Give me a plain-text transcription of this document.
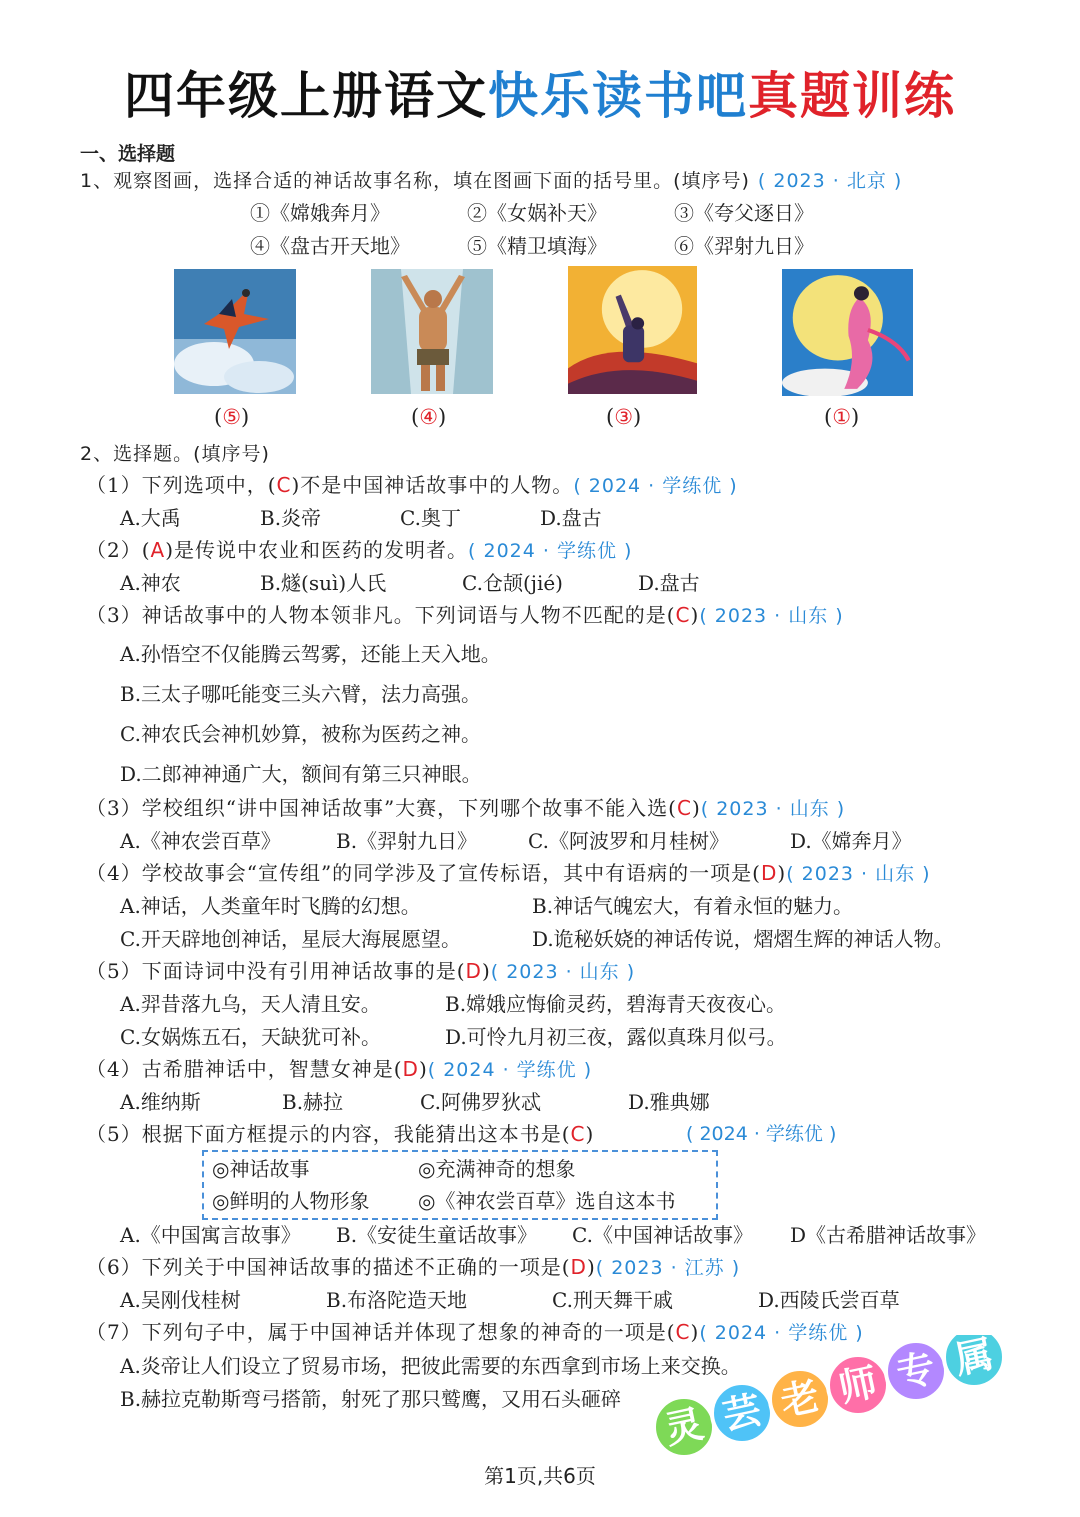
四年级上册语文快乐读书吧真题训练
一、选择题
1、观察图画，选择合适的神话故事名称，填在图画下面的括号里。(填序号) ( 2023 · 北京 )
①《嫦娥奔月》	②《女娲补天》	③《夸父逐日》
④《盘古开天地》	⑤《精卫填海》	⑥《羿射九日》
(⑤)	(④)	(③)	(①)
2、选择题。(填序号)
（1）下列选项中，(C)不是中国神话故事中的人物。( 2024 · 学练优 )
A.大禹	B.炎帝	C.奥丁	D.盘古
（2）(A)是传说中农业和医药的发明者。( 2024 · 学练优 )
A.神农	B.燧(suì)人氏	C.仓颉(jié)	D.盘古
（3）神话故事中的人物本领非凡。下列词语与人物不匹配的是(C)( 2023 · 山东 )
A.孙悟空不仅能腾云驾雾，还能上天入地。
B.三太子哪吒能变三头六臂，法力高强。
C.神农氏会神机妙算，被称为医药之神。
D.二郎神神通广大，额间有第三只神眼。
（3）学校组织“讲中国神话故事”大赛，下列哪个故事不能入选(C)( 2023 · 山东 )
A.《神农尝百草》	B.《羿射九日》	C.《阿波罗和月桂树》	D.《嫦奔月》
（4）学校故事会“宣传组”的同学涉及了宣传标语，其中有语病的一项是(D)( 2023 · 山东 )
A.神话，人类童年时飞腾的幻想。	B.神话气魄宏大，有着永恒的魅力。
C.开天辟地创神话，星辰大海展愿望。	D.诡秘妖娆的神话传说，熠熠生辉的神话人物。
（5）下面诗词中没有引用神话故事的是(D)( 2023 · 山东 )
A.羿昔落九乌，天人清且安。	B.嫦娥应悔偷灵药，碧海青天夜夜心。
C.女娲炼五石，天缺犹可补。	D.可怜九月初三夜，露似真珠月似弓。
（4）古希腊神话中，智慧女神是(D)( 2024 · 学练优 )
A.维纳斯	B.赫拉	C.阿佛罗狄忒	D.雅典娜
（5）根据下面方框提示的内容，我能猜出这本书是(C)	( 2024 · 学练优 )
◎神话故事	◎充满神奇的想象
◎鲜明的人物形象 ◎《神农尝百草》选自这本书
A.《中国寓言故事》 B.《安徒生童话故事》 C.《中国神话故事》 D《古希腊神话故事》
（6）下列关于中国神话故事的描述不正确的一项是(D)( 2023 · 江苏 )
A.吴刚伐桂树	B.布洛陀造天地	C.刑天舞干戚	D.西陵氏尝百草
（7）下列句子中，属于中国神话并体现了想象的神奇的一项是(C)( 2024 · 学练优 )
A.炎帝让人们设立了贸易市场，把彼此需要的东西拿到市场上来交换。
B.赫拉克勒斯弯弓搭箭，射死了那只鹫鹰，又用石头砸碎
灵 芸 老 师 专 属
第1页,共6页
